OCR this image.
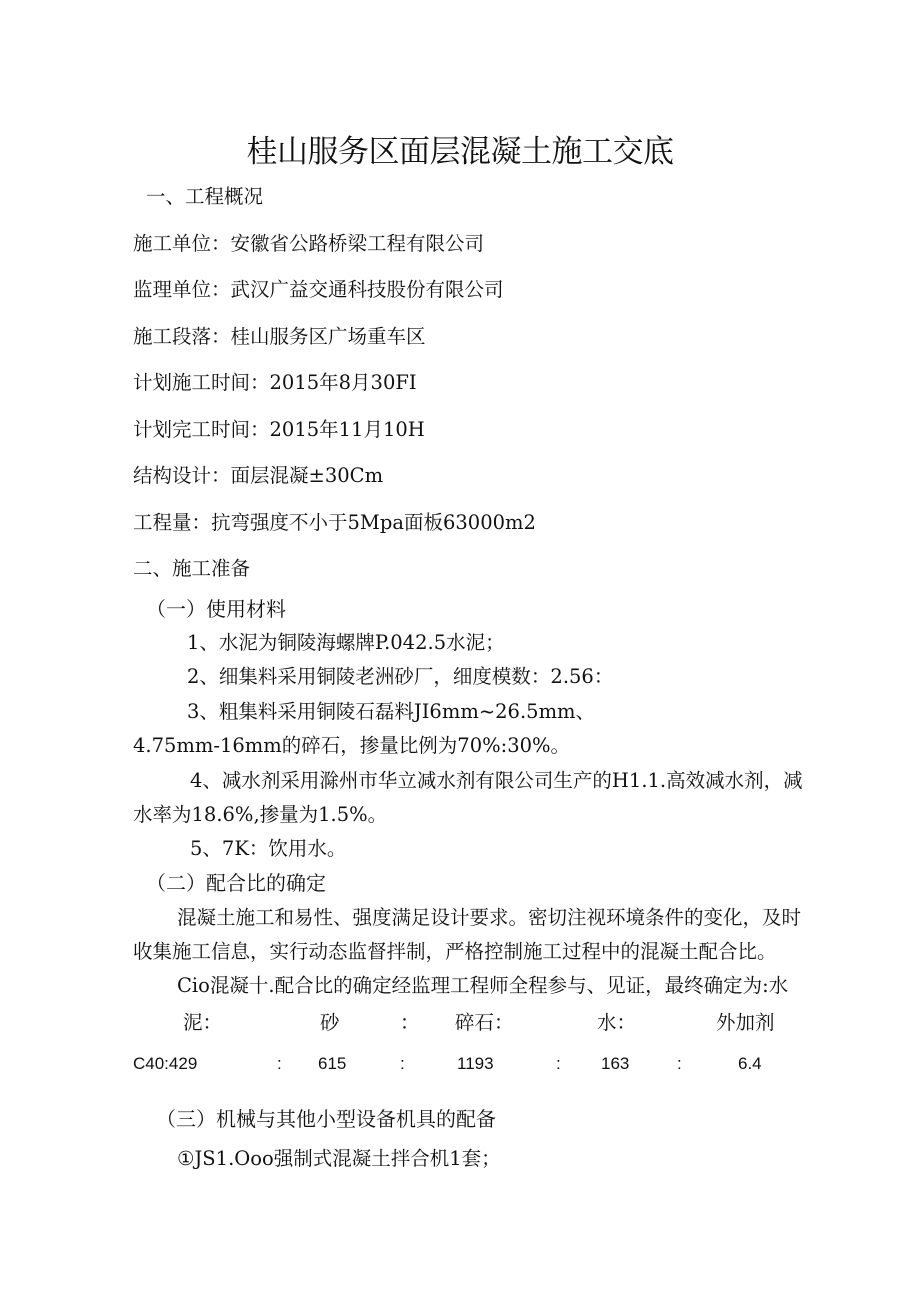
桂山服务区面层混凝土施工交底
一、工程概况
施工单位：安徽省公路桥梁工程有限公司
监理单位：武汉广益交通科技股份有限公司
施工段落：桂山服务区广场重车区
计划施工时间：2015年8月30FI
计划完工时间：2015年11月10H
结构设计：面层混凝±30Cm
工程量：抗弯强度不小于5Mpa面板63000m2
二、施工准备
（一）使用材料
1、水泥为铜陵海螺牌P.042.5水泥；
2、细集料采用铜陵老洲砂厂，细度模数：2.56：
3、粗集料采用铜陵石磊料JI6mm~26.5mm、
4.75mm-16mm的碎石，掺量比例为70%:30%。
4、减水剂采用滁州市华立减水剂有限公司生产的H1.1.高效减水剂，减
水率为18.6%,掺量为1.5%。
5、7K：饮用水。
（二）配合比的确定
混凝土施工和易性、强度满足设计要求。密切注视环境条件的变化，及时
收集施工信息，实行动态监督拌制，严格控制施工过程中的混凝土配合比。
Cio混凝十.配合比的确定经监理工程师全程参与、见证，最终确定为:水
泥：	砂	： 碎石：	水：	外加剂
C40:429	: 615	:	1193	: 163	:	6.4
（三）机械与其他小型设备机具的配备
①JS1.Ooo强制式混凝土拌合机1套；
